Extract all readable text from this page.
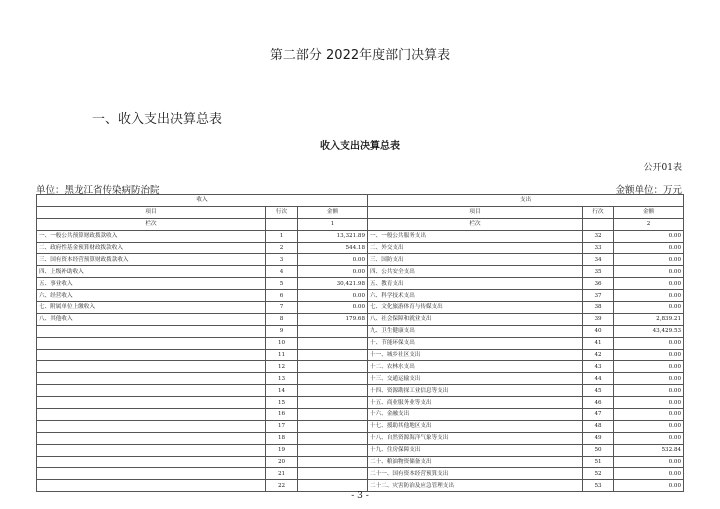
第二部分 2022年度部门决算表
一、收入支出决算总表
收入支出决算总表
公开01表
单位：黑龙江省传染病防治院	金额单位：万元
收入			支出		
项目	行次	金额	项目	行次	金额
栏次		1	栏次		2
一、一般公共预算财政拨款收入	1	13,321.89	一、一般公共服务支出	32	0.00
二、政府性基金预算财政拨款收入	2	544.18	二、外交支出	33	0.00
三、国有资本经营预算财政拨款收入	3	0.00	三、国防支出	34	0.00
四、上级补助收入	4	0.00	四、公共安全支出	35	0.00
五、事业收入	5	30,421.98	五、教育支出	36	0.00
六、经营收入	6	0.00	六、科学技术支出	37	0.00
七、附属单位上缴收入	7	0.00	七、文化旅游体育与传媒支出	38	0.00
八、其他收入	8	179.68	八、社会保障和就业支出	39	2,839.21
	9		九、卫生健康支出	40	43,429.53
	10		十、节能环保支出	41	0.00
	11		十一、城乡社区支出	42	0.00
	12		十二、农林水支出	43	0.00
	13		十三、交通运输支出	44	0.00
	14		十四、资源勘探工业信息等支出	45	0.00
	15		十五、商业服务业等支出	46	0.00
	16		十六、金融支出	47	0.00
	17		十七、援助其他地区支出	48	0.00
	18		十八、自然资源海洋气象等支出	49	0.00
	19		十九、住房保障支出	50	532.84
	20		二十、粮油物资储备支出	51	0.00
	21		二十一、国有资本经营预算支出	52	0.00
	22		二十二、灾害防治及应急管理支出	53	0.00
- 3 -
